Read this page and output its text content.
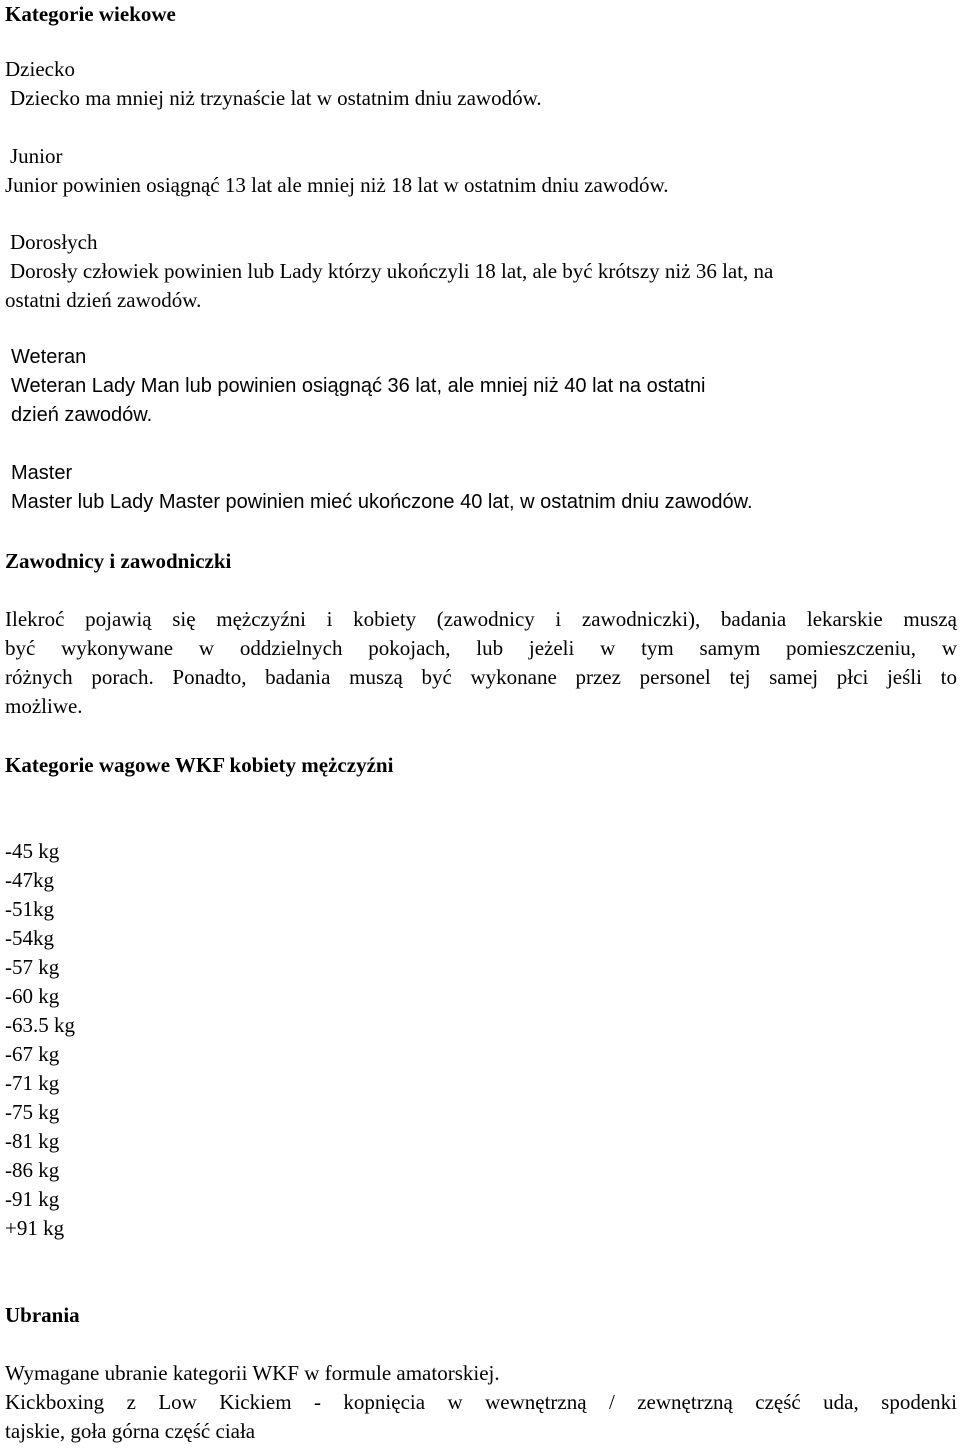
Kategorie wiekowe
Dziecko
Dziecko ma mniej niż trzynaście lat w ostatnim dniu zawodów.
Junior
Junior powinien osiągnąć 13 lat ale mniej niż 18 lat w ostatnim dniu zawodów.
Dorosłych
Dorosły człowiek powinien lub Lady którzy ukończyli 18 lat, ale być krótszy niż 36 lat, na
ostatni dzień zawodów.
Weteran
Weteran Lady Man lub powinien osiągnąć 36 lat, ale mniej niż 40 lat na ostatni
dzień zawodów.
Master
Master lub Lady Master powinien mieć ukończone 40 lat, w ostatnim dniu zawodów.
Zawodnicy i zawodniczki
Ilekroć pojawią się mężczyźni i kobiety (zawodnicy i zawodniczki), badania lekarskie muszą
być wykonywane w oddzielnych pokojach, lub jeżeli w tym samym pomieszczeniu, w
różnych porach. Ponadto, badania muszą być wykonane przez personel tej samej płci jeśli to
możliwe.
Kategorie wagowe WKF kobiety mężczyźni
-45 kg
-47kg
-51kg
-54kg
-57 kg
-60 kg
-63.5 kg
-67 kg
-71 kg
-75 kg
-81 kg
-86 kg
-91 kg
+91 kg
Ubrania
Wymagane ubranie kategorii WKF w formule amatorskiej.
Kickboxing z Low Kickiem - kopnięcia w wewnętrzną / zewnętrzną część uda, spodenki
tajskie, goła górna część ciała
